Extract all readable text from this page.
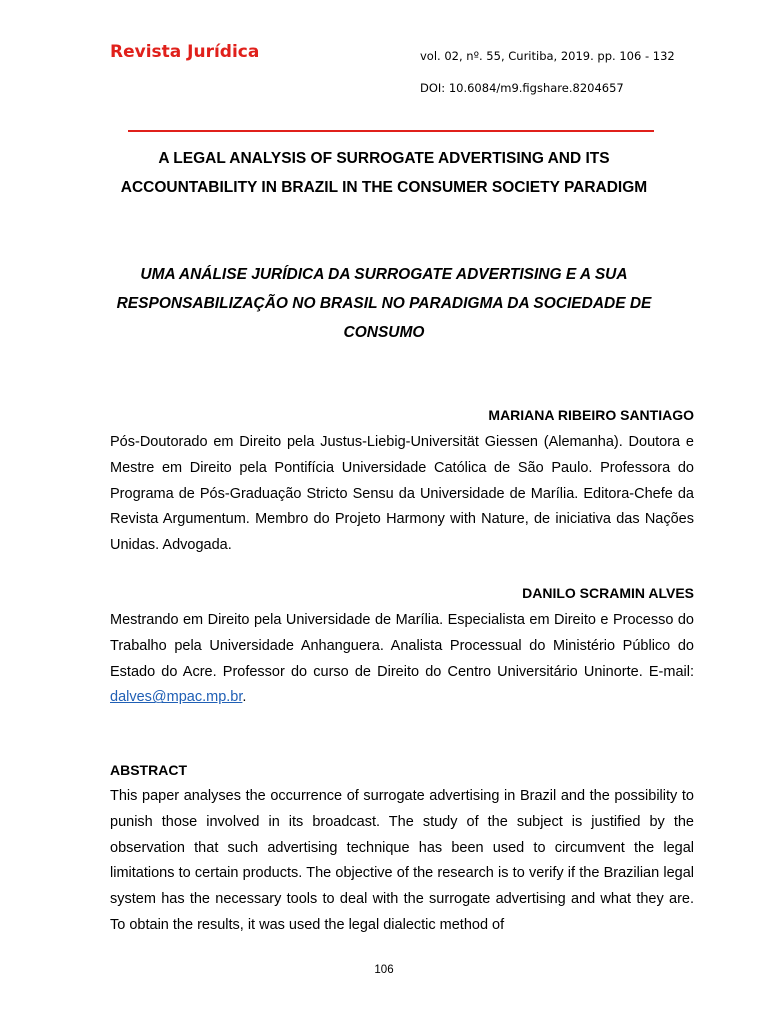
Revista Jurídica	vol. 02, nº. 55, Curitiba, 2019. pp. 106 - 132
DOI: 10.6084/m9.figshare.8204657
A LEGAL ANALYSIS OF SURROGATE ADVERTISING AND ITS ACCOUNTABILITY IN BRAZIL IN THE CONSUMER SOCIETY PARADIGM
UMA ANÁLISE JURÍDICA DA SURROGATE ADVERTISING E A SUA RESPONSABILIZAÇÃO NO BRASIL NO PARADIGMA DA SOCIEDADE DE CONSUMO
MARIANA RIBEIRO SANTIAGO
Pós-Doutorado em Direito pela Justus-Liebig-Universität Giessen (Alemanha). Doutora e Mestre em Direito pela Pontifícia Universidade Católica de São Paulo. Professora do Programa de Pós-Graduação Stricto Sensu da Universidade de Marília. Editora-Chefe da Revista Argumentum. Membro do Projeto Harmony with Nature, de iniciativa das Nações Unidas. Advogada.
DANILO SCRAMIN ALVES
Mestrando em Direito pela Universidade de Marília. Especialista em Direito e Processo do Trabalho pela Universidade Anhanguera. Analista Processual do Ministério Público do Estado do Acre. Professor do curso de Direito do Centro Universitário Uninorte. E-mail: dalves@mpac.mp.br.
ABSTRACT
This paper analyses the occurrence of surrogate advertising in Brazil and the possibility to punish those involved in its broadcast. The study of the subject is justified by the observation that such advertising technique has been used to circumvent the legal limitations to certain products. The objective of the research is to verify if the Brazilian legal system has the necessary tools to deal with the surrogate advertising and what they are. To obtain the results, it was used the legal dialectic method of
106
